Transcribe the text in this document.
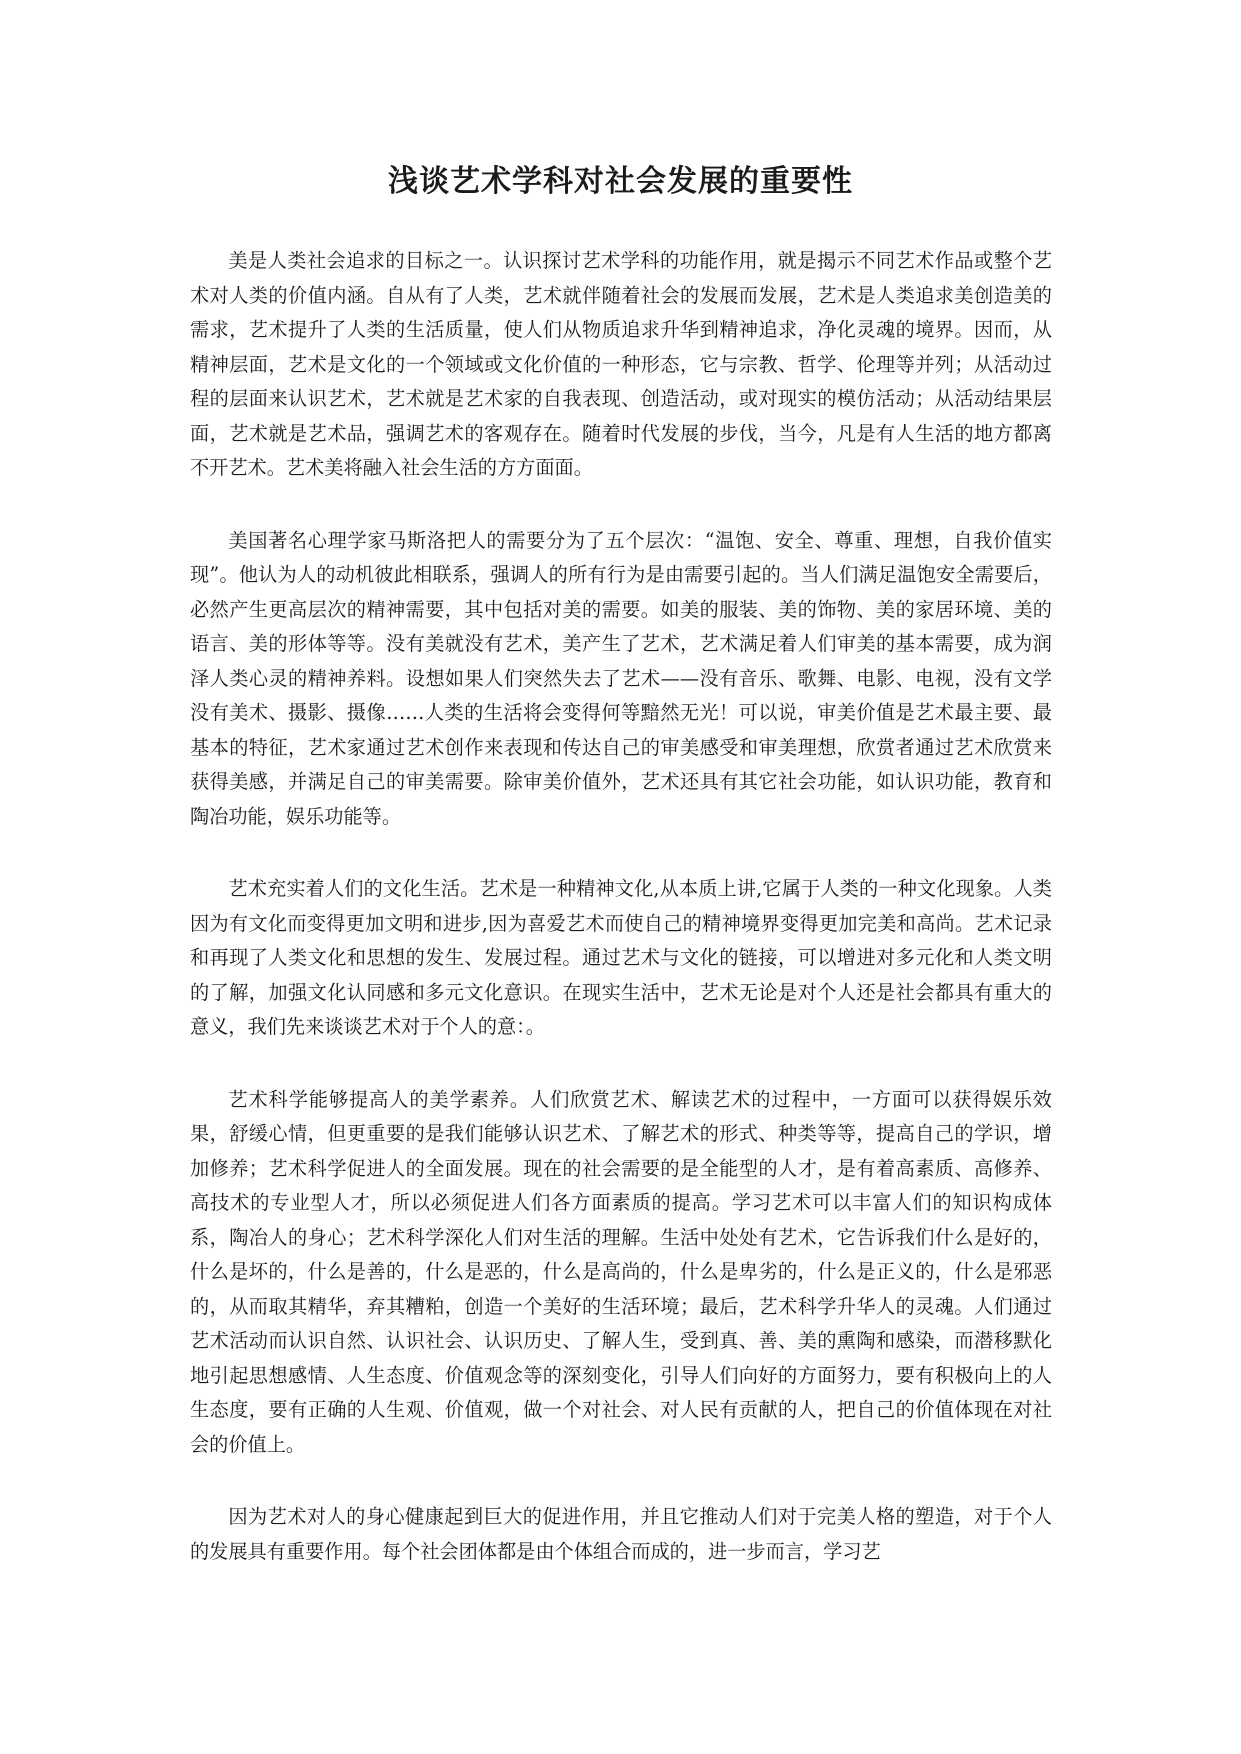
浅谈艺术学科对社会发展的重要性

美是人类社会追求的目标之一。认识探讨艺术学科的功能作用，就是揭示不同艺术作品或整个艺术对人类的价值内涵。自从有了人类，艺术就伴随着社会的发展而发展，艺术是人类追求美创造美的需求，艺术提升了人类的生活质量，使人们从物质追求升华到精神追求，净化灵魂的境界。因而，从精神层面，艺术是文化的一个领域或文化价值的一种形态，它与宗教、哲学、伦理等并列；从活动过程的层面来认识艺术，艺术就是艺术家的自我表现、创造活动，或对现实的模仿活动；从活动结果层面，艺术就是艺术品，强调艺术的客观存在。随着时代发展的步伐，当今，凡是有人生活的地方都离不开艺术。艺术美将融入社会生活的方方面面。

美国著名心理学家马斯洛把人的需要分为了五个层次：“温饱、安全、尊重、理想，自我价值实现”。他认为人的动机彼此相联系，强调人的所有行为是由需要引起的。当人们满足温饱安全需要后，必然产生更高层次的精神需要，其中包括对美的需要。如美的服装、美的饰物、美的家居环境、美的语言、美的形体等等。没有美就没有艺术，美产生了艺术，艺术满足着人们审美的基本需要，成为润泽人类心灵的精神养料。设想如果人们突然失去了艺术——没有音乐、歌舞、电影、电视，没有文学没有美术、摄影、摄像……人类的生活将会变得何等黯然无光！可以说，审美价值是艺术最主要、最基本的特征，艺术家通过艺术创作来表现和传达自己的审美感受和审美理想，欣赏者通过艺术欣赏来获得美感，并满足自己的审美需要。除审美价值外，艺术还具有其它社会功能，如认识功能，教育和陶冶功能，娱乐功能等。

艺术充实着人们的文化生活。艺术是一种精神文化,从本质上讲,它属于人类的一种文化现象。人类因为有文化而变得更加文明和进步,因为喜爱艺术而使自己的精神境界变得更加完美和高尚。艺术记录和再现了人类文化和思想的发生、发展过程。通过艺术与文化的链接，可以增进对多元化和人类文明的了解，加强文化认同感和多元文化意识。在现实生活中，艺术无论是对个人还是社会都具有重大的意义，我们先来谈谈艺术对于个人的意：。

艺术科学能够提高人的美学素养。人们欣赏艺术、解读艺术的过程中，一方面可以获得娱乐效果，舒缓心情，但更重要的是我们能够认识艺术、了解艺术的形式、种类等等，提高自己的学识，增加修养；艺术科学促进人的全面发展。现在的社会需要的是全能型的人才，是有着高素质、高修养、高技术的专业型人才，所以必须促进人们各方面素质的提高。学习艺术可以丰富人们的知识构成体系，陶冶人的身心；艺术科学深化人们对生活的理解。生活中处处有艺术，它告诉我们什么是好的，什么是坏的，什么是善的，什么是恶的，什么是高尚的，什么是卑劣的，什么是正义的，什么是邪恶的，从而取其精华，弃其糟粕，创造一个美好的生活环境；最后，艺术科学升华人的灵魂。人们通过艺术活动而认识自然、认识社会、认识历史、了解人生，受到真、善、美的熏陶和感染，而潜移默化地引起思想感情、人生态度、价值观念等的深刻变化，引导人们向好的方面努力，要有积极向上的人生态度，要有正确的人生观、价值观，做一个对社会、对人民有贡献的人，把自己的价值体现在对社会的价值上。

因为艺术对人的身心健康起到巨大的促进作用，并且它推动人们对于完美人格的塑造，对于个人的发展具有重要作用。每个社会团体都是由个体组合而成的，进一步而言，学习艺
